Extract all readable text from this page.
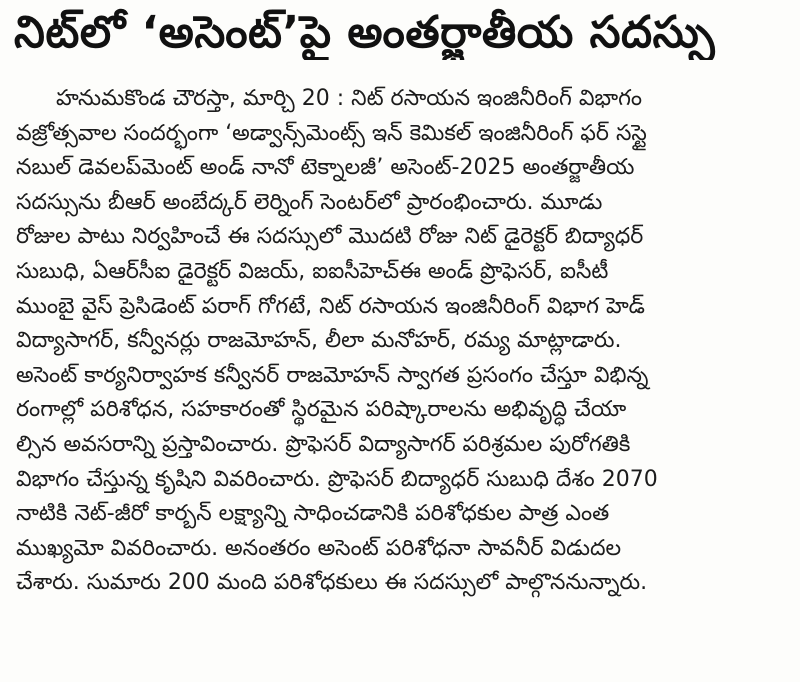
నిట్‌లో ‘అసెంట్’పై అంతర్జాతీయ సదస్సు
హనుమకొండ చౌరస్తా, మార్చి 20 : నిట్ రసాయన ఇంజినీరింగ్ విభాగం
వజ్రోత్సవాల సందర్భంగా ‘అడ్వాన్స్‌మెంట్స్ ఇన్ కెమికల్ ఇంజినీరింగ్ ఫర్ సస్టై
నబుల్ డెవలప్‌మెంట్ అండ్ నానో టెక్నాలజీ’ అసెంట్-2025 అంతర్జాతీయ
సదస్సును బీఆర్ అంబేద్కర్ లెర్నింగ్ సెంటర్‌లో ప్రారంభించారు. మూడు
రోజుల పాటు నిర్వహించే ఈ సదస్సులో మొదటి రోజు నిట్ డైరెక్టర్ బిద్యాధర్
సుబుధి, ఏఆర్‌సీఐ డైరెక్టర్ విజయ్, ఐఐసీహెచ్‌ఈ అండ్ ప్రొఫెసర్, ఐసీటీ
ముంబై వైస్ ప్రెసిడెంట్ పరాగ్ గోగటే, నిట్ రసాయన ఇంజినీరింగ్ విభాగ హెడ్
విద్యాసాగర్, కన్వీనర్లు రాజమోహన్, లీలా మనోహర్, రమ్య మాట్లాడారు.
అసెంట్ కార్యనిర్వాహక కన్వీనర్ రాజమోహన్ స్వాగత ప్రసంగం చేస్తూ విభిన్న
రంగాల్లో పరిశోధన, సహకారంతో స్థిరమైన పరిష్కారాలను అభివృద్ధి చేయా
ల్సిన అవసరాన్ని ప్రస్తావించారు. ప్రొఫెసర్ విద్యాసాగర్ పరిశ్రమల పురోగతికి
విభాగం చేస్తున్న కృషిని వివరించారు. ప్రొఫెసర్ బిద్యాధర్ సుబుధి దేశం 2070
నాటికి నెట్-జీరో కార్బన్ లక్ష్యాన్ని సాధించడానికి పరిశోధకుల పాత్ర ఎంత
ముఖ్యమో వివరించారు. అనంతరం అసెంట్ పరిశోధనా సావనీర్ విడుదల
చేశారు. సుమారు 200 మంది పరిశోధకులు ఈ సదస్సులో పాల్గొననున్నారు.
